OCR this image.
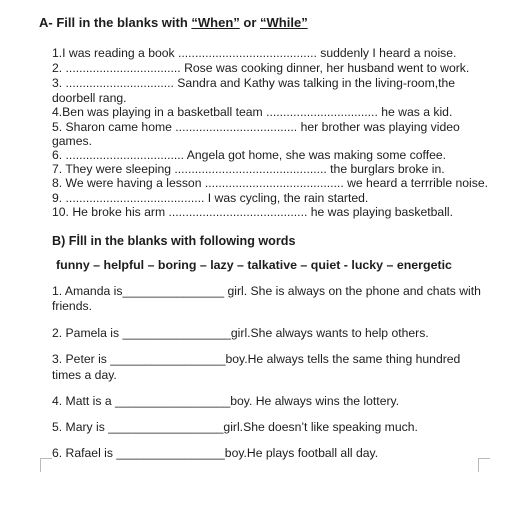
A- Fill in the blanks with “When” or “While”
1.I was reading a book ......................................... suddenly I heard a noise.
2. .................................. Rose was cooking dinner, her husband went to work.
3. ................................ Sandra and Kathy was talking in the living-room,the
doorbell rang.
4.Ben was playing in a basketball team ................................. he was a kid.
5. Sharon came home .................................... her brother was playing video
games.
6. ................................... Angela got home, she was making some coffee.
7. They were sleeping ............................................. the burglars broke in.
8. We were having a lesson ......................................... we heard a terrrible noise.
9. ......................................... I was cycling, the rain started.
10. He broke his arm ......................................... he was playing basketball.
B) Fİll in the blanks with following words
funny – helpful – boring – lazy – talkative – quiet - lucky – energetic
1. Amanda is_______________ girl. She is always on the phone and chats with
friends.
2. Pamela is ________________girl.She always wants to help others.
3. Peter is _________________boy.He always tells the same thing hundred
times a day.
4. Matt is a _________________boy. He always wins the lottery.
5. Mary is _________________girl.She doesn’t like speaking much.
6. Rafael is ________________boy.He plays football all day.
